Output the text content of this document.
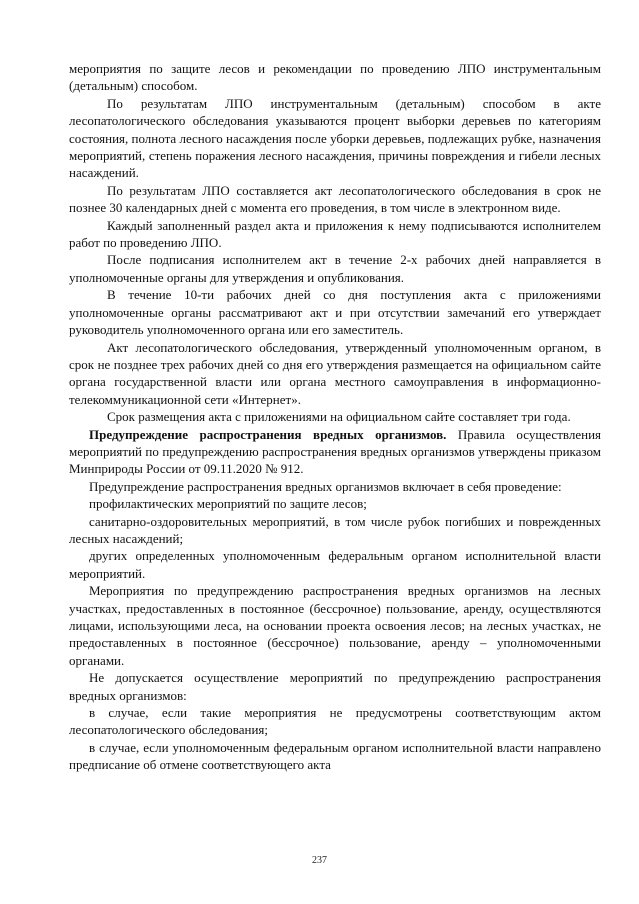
мероприятия по защите лесов и рекомендации по проведению ЛПО инструментальным (детальным) способом.

По результатам ЛПО инструментальным (детальным) способом в акте лесопатологического обследования указываются процент выборки деревьев по категориям состояния, полнота лесного насаждения после уборки деревьев, подлежащих рубке, назначения мероприятий, степень поражения лесного насаждения, причины повреждения и гибели лесных насаждений.

По результатам ЛПО составляется акт лесопатологического обследования в срок не познее 30 календарных дней с момента его проведения, в том числе в электронном виде.

Каждый заполненный раздел акта и приложения к нему подписываются исполнителем работ по проведению ЛПО.

После подписания исполнителем акт в течение 2-х рабочих дней направляется в уполномоченные органы для утверждения и опубликования.

В течение 10-ти рабочих дней со дня поступления акта с приложениями уполномоченные органы рассматривают акт и при отсутствии замечаний его утверждает руководитель уполномоченного органа или его заместитель.

Акт лесопатологического обследования, утвержденный уполномоченным органом, в срок не позднее трех рабочих дней со дня его утверждения размещается на официальном сайте органа государственной власти или органа местного самоуправления в информационно-телекоммуникационной сети «Интернет».

Срок размещения акта с приложениями на официальном сайте составляет три года.

Предупреждение распространения вредных организмов. Правила осуществления мероприятий по предупреждению распространения вредных организмов утверждены приказом Минприроды России от 09.11.2020 № 912.

Предупреждение распространения вредных организмов включает в себя проведение:

профилактических мероприятий по защите лесов;

санитарно-оздоровительных мероприятий, в том числе рубок погибших и поврежденных лесных насаждений;

других определенных уполномоченным федеральным органом исполнительной власти мероприятий.

Мероприятия по предупреждению распространения вредных организмов на лесных участках, предоставленных в постоянное (бессрочное) пользование, аренду, осуществляются лицами, использующими леса, на основании проекта освоения лесов; на лесных участках, не предоставленных в постоянное (бессрочное) пользование, аренду – уполномоченными органами.

Не допускается осуществление мероприятий по предупреждению распространения вредных организмов:

в случае, если такие мероприятия не предусмотрены соответствующим актом лесопатологического обследования;

в случае, если уполномоченным федеральным органом исполнительной власти направлено предписание об отмене соответствующего акта

237
